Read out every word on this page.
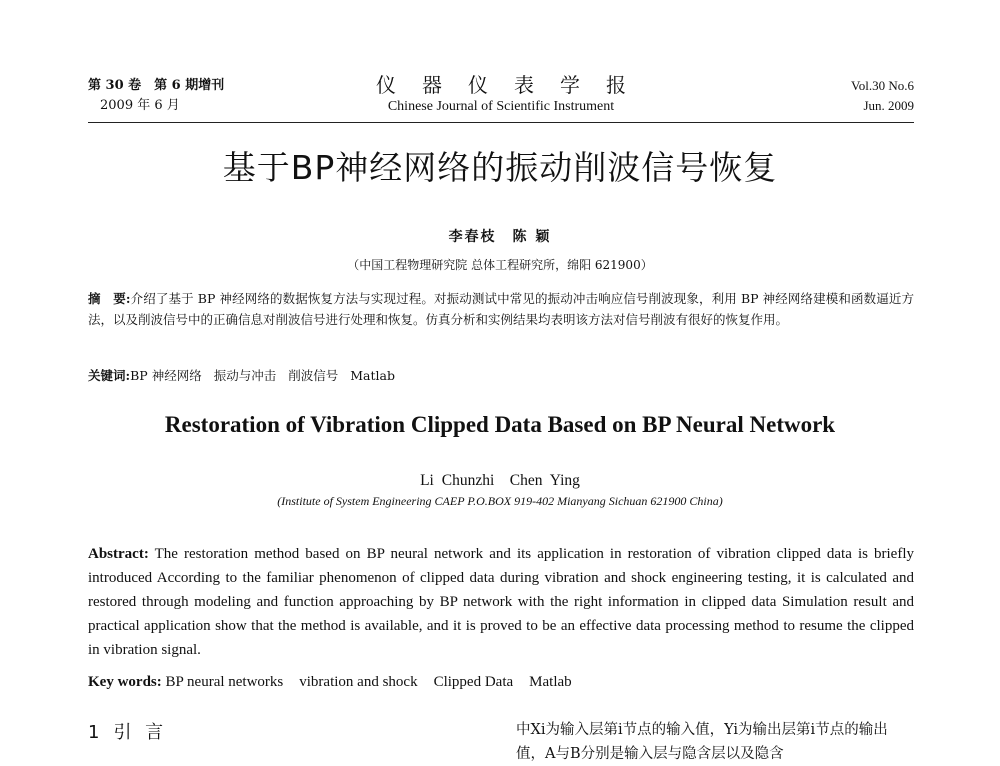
第 30 卷　第 6 期增刊
2009 年 6 月
仪器仪表学报
Chinese Journal of Scientific Instrument
Vol.30 No.6
Jun. 2009
基于BP神经网络的振动削波信号恢复
李春枝　陈 颖
（中国工程物理研究院 总体工程研究所，绵阳 621900）
摘　要:介绍了基于 BP 神经网络的数据恢复方法与实现过程。对振动测试中常见的振动冲击响应信号削波现象，利用 BP 神经网络建模和函数逼近方法，以及削波信号中的正确信息对削波信号进行处理和恢复。仿真分析和实例结果均表明该方法对信号削波有很好的恢复作用。
关键词:BP 神经网络 振动与冲击 削波信号 Matlab
Restoration of Vibration Clipped Data Based on BP Neural Network
Li Chunzhi　Chen Ying
(Institute of System Engineering CAEP P.O.BOX 919-402 Mianyang Sichuan 621900 China)
Abstract: The restoration method based on BP neural network and its application in restoration of vibration clipped data is briefly introduced According to the familiar phenomenon of clipped data during vibration and shock engineering testing, it is calculated and restored through modeling and function approaching by BP network with the right information in clipped data Simulation result and practical application show that the method is available, and it is proved to be an effective data processing method to resume the clipped in vibration signal.
Key words: BP neural networks vibration and shock Clipped Data Matlab
1 引 言	中Xi为输入层第i节点的输入值，Yi为输出层第i节点的输出值，A与B分别是输入层与隐含层以及隐含
